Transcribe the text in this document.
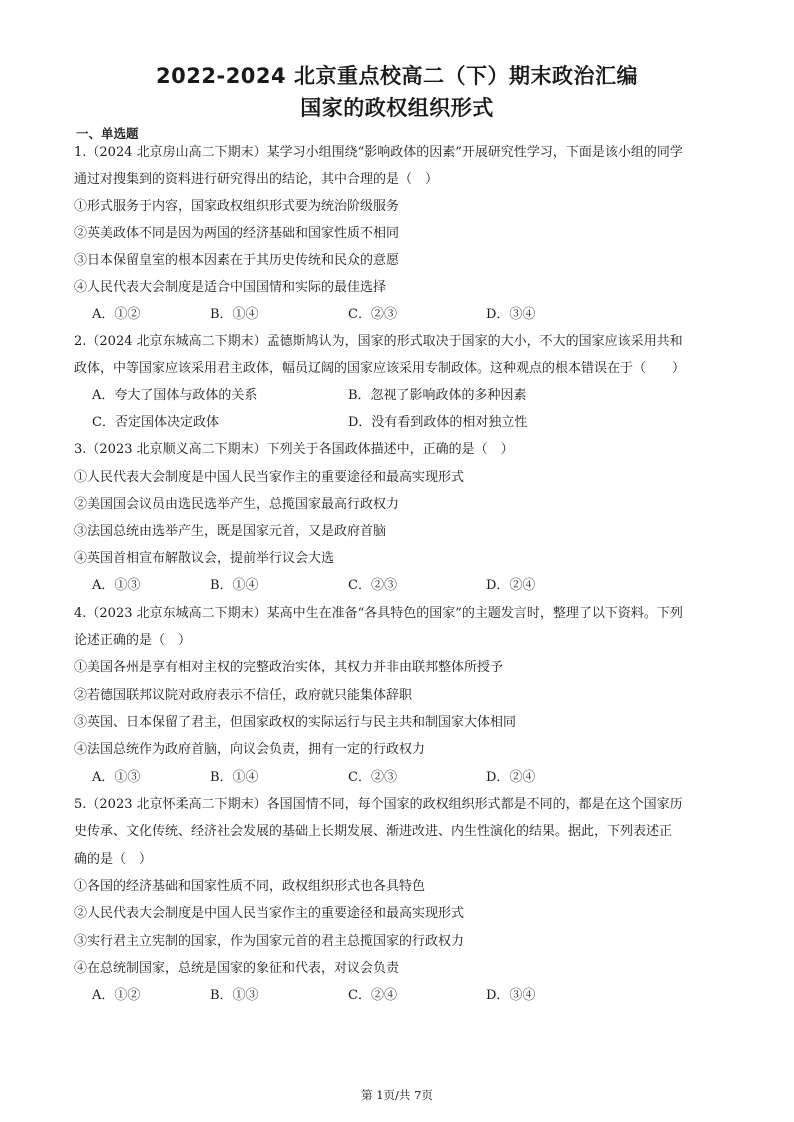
2022-2024 北京重点校高二（下）期末政治汇编
国家的政权组织形式
一、单选题
1.（2024 北京房山高二下期末）某学习小组围绕“影响政体的因素”开展研究性学习，下面是该小组的同学
通过对搜集到的资料进行研究得出的结论，其中合理的是（　）
①形式服务于内容，国家政权组织形式要为统治阶级服务
②英美政体不同是因为两国的经济基础和国家性质不相同
③日本保留皇室的根本因素在于其历史传统和民众的意愿
④人民代表大会制度是适合中国国情和实际的最佳选择
A．①②	B．①④	C．②③	D．③④
2.（2024 北京东城高二下期末）孟德斯鸠认为，国家的形式取决于国家的大小，不大的国家应该采用共和
政体，中等国家应该采用君主政体，幅员辽阔的国家应该采用专制政体。这种观点的根本错误在于（　　）
A．夸大了国体与政体的关系	B．忽视了影响政体的多种因素
C．否定国体决定政体	D．没有看到政体的相对独立性
3.（2023 北京顺义高二下期末）下列关于各国政体描述中，正确的是（　）
①人民代表大会制度是中国人民当家作主的重要途径和最高实现形式
②美国国会议员由选民选举产生，总揽国家最高行政权力
③法国总统由选举产生，既是国家元首，又是政府首脑
④英国首相宣布解散议会，提前举行议会大选
A．①③	B．①④	C．②③	D．②④
4.（2023 北京东城高二下期末）某高中生在准备“各具特色的国家”的主题发言时，整理了以下资料。下列
论述正确的是（　）
①美国各州是享有相对主权的完整政治实体，其权力并非由联邦整体所授予
②若德国联邦议院对政府表示不信任，政府就只能集体辞职
③英国、日本保留了君主，但国家政权的实际运行与民主共和制国家大体相同
④法国总统作为政府首脑，向议会负责，拥有一定的行政权力
A．①③	B．①④	C．②③	D．②④
5.（2023 北京怀柔高二下期末）各国国情不同，每个国家的政权组织形式都是不同的，都是在这个国家历
史传承、文化传统、经济社会发展的基础上长期发展、渐进改进、内生性演化的结果。据此，下列表述正
确的是（　）
①各国的经济基础和国家性质不同，政权组织形式也各具特色
②人民代表大会制度是中国人民当家作主的重要途径和最高实现形式
③实行君主立宪制的国家，作为国家元首的君主总揽国家的行政权力
④在总统制国家，总统是国家的象征和代表，对议会负责
A．①②	B．①③	C．②④	D．③④
第 1页/共 7页
